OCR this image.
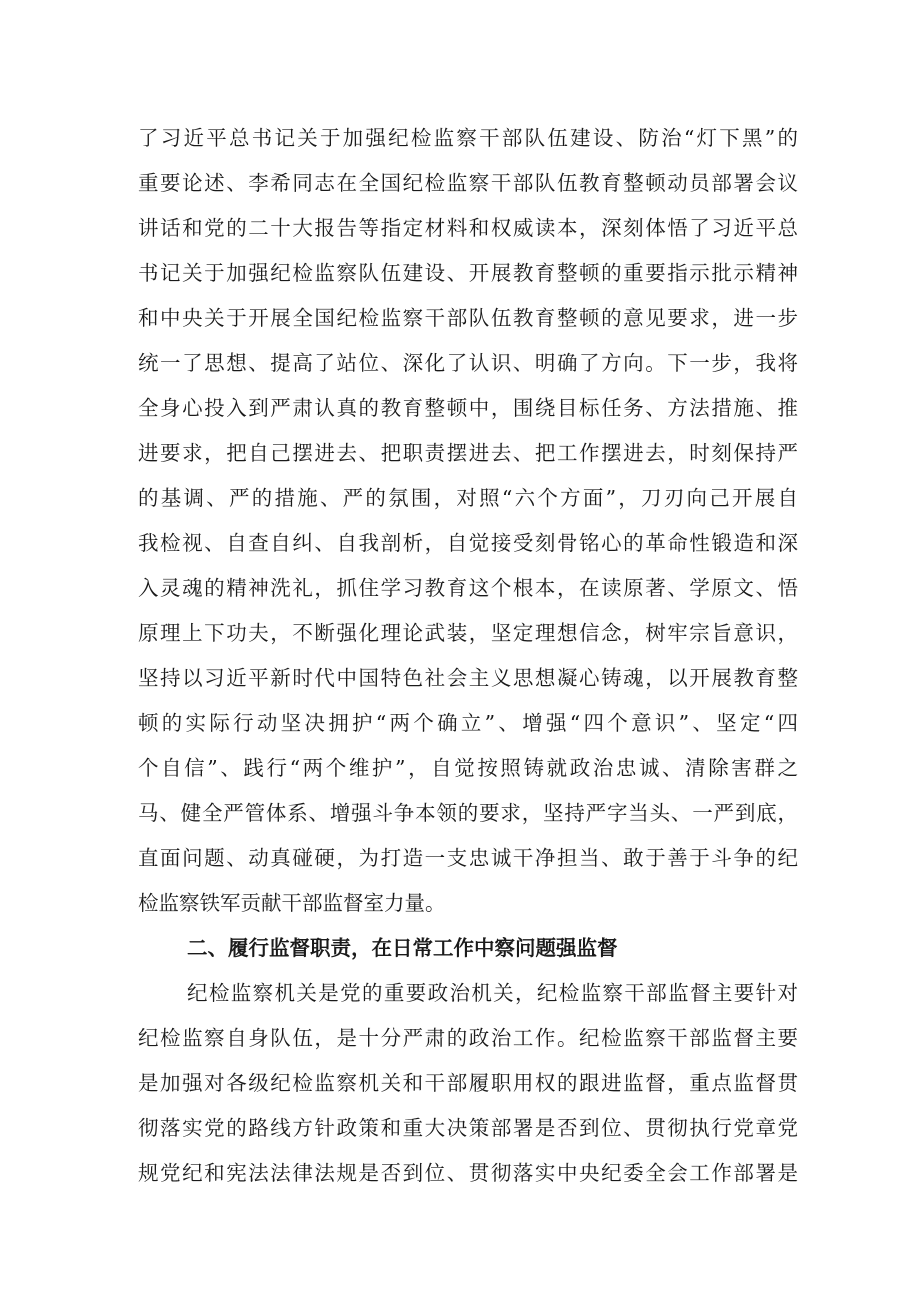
了习近平总书记关于加强纪检监察干部队伍建设、防治“灯下黑”的
重要论述、李希同志在全国纪检监察干部队伍教育整顿动员部署会议
讲话和党的二十大报告等指定材料和权威读本，深刻体悟了习近平总
书记关于加强纪检监察队伍建设、开展教育整顿的重要指示批示精神
和中央关于开展全国纪检监察干部队伍教育整顿的意见要求，进一步
统一了思想、提高了站位、深化了认识、明确了方向。下一步，我将
全身心投入到严肃认真的教育整顿中，围绕目标任务、方法措施、推
进要求，把自己摆进去、把职责摆进去、把工作摆进去，时刻保持严
的基调、严的措施、严的氛围，对照“六个方面”，刀刃向己开展自
我检视、自查自纠、自我剖析，自觉接受刻骨铭心的革命性锻造和深
入灵魂的精神洗礼，抓住学习教育这个根本，在读原著、学原文、悟
原理上下功夫，不断强化理论武装，坚定理想信念，树牢宗旨意识，
坚持以习近平新时代中国特色社会主义思想凝心铸魂，以开展教育整
顿的实际行动坚决拥护“两个确立”、增强“四个意识”、坚定“四
个自信”、践行“两个维护”，自觉按照铸就政治忠诚、清除害群之
马、健全严管体系、增强斗争本领的要求，坚持严字当头、一严到底，
直面问题、动真碰硬，为打造一支忠诚干净担当、敢于善于斗争的纪
检监察铁军贡献干部监督室力量。
二、履行监督职责，在日常工作中察问题强监督
纪检监察机关是党的重要政治机关，纪检监察干部监督主要针对
纪检监察自身队伍，是十分严肃的政治工作。纪检监察干部监督主要
是加强对各级纪检监察机关和干部履职用权的跟进监督，重点监督贯
彻落实党的路线方针政策和重大决策部署是否到位、贯彻执行党章党
规党纪和宪法法律法规是否到位、贯彻落实中央纪委全会工作部署是
